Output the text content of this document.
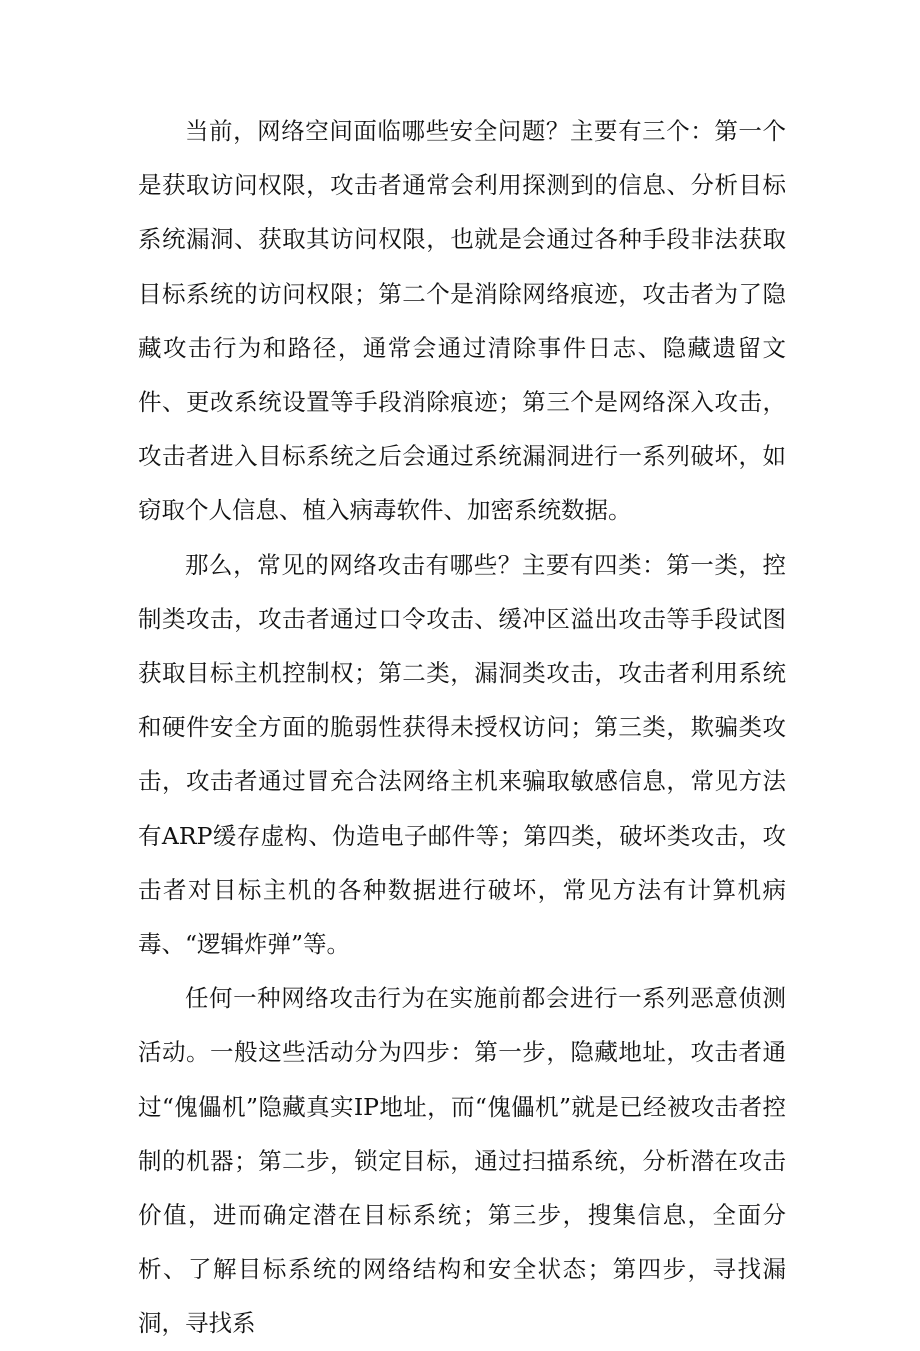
当前，网络空间面临哪些安全问题？主要有三个：第一个是获取访问权限，攻击者通常会利用探测到的信息、分析目标系统漏洞、获取其访问权限，也就是会通过各种手段非法获取目标系统的访问权限；第二个是消除网络痕迹，攻击者为了隐藏攻击行为和路径，通常会通过清除事件日志、隐藏遗留文件、更改系统设置等手段消除痕迹；第三个是网络深入攻击，攻击者进入目标系统之后会通过系统漏洞进行一系列破坏，如窃取个人信息、植入病毒软件、加密系统数据。

那么，常见的网络攻击有哪些？主要有四类：第一类，控制类攻击，攻击者通过口令攻击、缓冲区溢出攻击等手段试图获取目标主机控制权；第二类，漏洞类攻击，攻击者利用系统和硬件安全方面的脆弱性获得未授权访问；第三类，欺骗类攻击，攻击者通过冒充合法网络主机来骗取敏感信息，常见方法有ARP缓存虚构、伪造电子邮件等；第四类，破坏类攻击，攻击者对目标主机的各种数据进行破坏，常见方法有计算机病毒、“逻辑炸弹”等。

任何一种网络攻击行为在实施前都会进行一系列恶意侦测活动。一般这些活动分为四步：第一步，隐藏地址，攻击者通过“傀儡机”隐藏真实IP地址，而“傀儡机”就是已经被攻击者控制的机器；第二步，锁定目标，通过扫描系统，分析潜在攻击价值，进而确定潜在目标系统；第三步，搜集信息，全面分析、了解目标系统的网络结构和安全状态；第四步，寻找漏洞，寻找系
